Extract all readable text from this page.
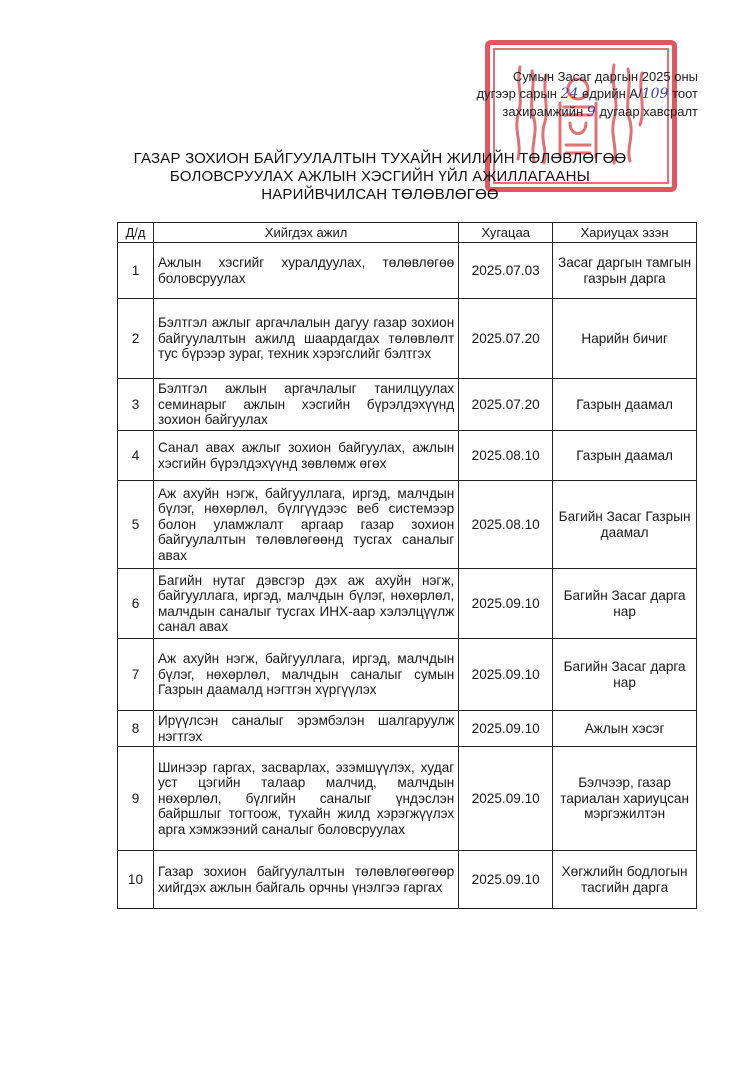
Сумын Засаг даргын 2025 оны
дугээр сарын 24 өдрийн А/109 тоот
захирамжийн 9 дугаар хавсралт
ГАЗАР ЗОХИОН БАЙГУУЛАЛТЫН ТУХАЙН ЖИЛИЙН ТӨЛӨВЛӨГӨӨ
БОЛОВСРУУЛАХ АЖЛЫН ХЭСГИЙН ҮЙЛ АЖИЛЛАГААНЫ
НАРИЙВЧИЛСАН ТӨЛӨВЛӨГӨӨ
Д/д	Хийгдэх ажил	Хугацаа	Хариуцах эзэн
1	Ажлын хэсгийг хуралдуулах, төлөвлөгөө боловсруулах	2025.07.03	Засаг даргын тамгын газрын дарга
2	Бэлтгэл ажлыг аргачлалын дагуу газар зохион байгуулалтын ажилд шаардагдах төлөвлөлт тус бүрээр зураг, техник хэрэгслийг бэлтгэх	2025.07.20	Нарийн бичиг
3	Бэлтгэл ажлын аргачлалыг танилцуулах семинарыг ажлын хэсгийн бүрэлдэхүүнд зохион байгуулах	2025.07.20	Газрын даамал
4	Санал авах ажлыг зохион байгуулах, ажлын хэсгийн бүрэлдэхүүнд зөвлөмж өгөх	2025.08.10	Газрын даамал
5	Аж ахуйн нэгж, байгууллага, иргэд, малчдын бүлэг, нөхөрлөл, бүлгүүдээс веб системээр болон уламжлалт аргаар газар зохион байгуулалтын төлөвлөгөөнд тусгах саналыг авах	2025.08.10	Багийн Засаг Газрын даамал
6	Багийн нутаг дэвсгэр дэх аж ахуйн нэгж, байгууллага, иргэд, малчдын бүлэг, нөхөрлөл, малчдын саналыг тусгах ИНХ-аар хэлэлцүүлж санал авах	2025.09.10	Багийн Засаг дарга нар
7	Аж ахуйн нэгж, байгууллага, иргэд, малчдын бүлэг, нөхөрлөл, малчдын саналыг сумын Газрын даамалд нэгтгэн хүргүүлэх	2025.09.10	Багийн Засаг дарга нар
8	Ирүүлсэн саналыг эрэмбэлэн шалгаруулж нэгтгэх	2025.09.10	Ажлын хэсэг
9	Шинээр гаргах, засварлах, эзэмшүүлэх, худаг уст цэгийн талаар малчид, малчдын нөхөрлөл, бүлгийн саналыг үндэслэн байршлыг тогтоож, тухайн жилд хэрэгжүүлэх арга хэмжээний саналыг боловсруулах	2025.09.10	Бэлчээр, газар тариалан хариуцсан мэргэжилтэн
10	Газар зохион байгуулалтын төлөвлөгөөгөөр хийгдэх ажлын байгаль орчны үнэлгээ гаргах	2025.09.10	Хөгжлийн бодлогын тасгийн дарга
